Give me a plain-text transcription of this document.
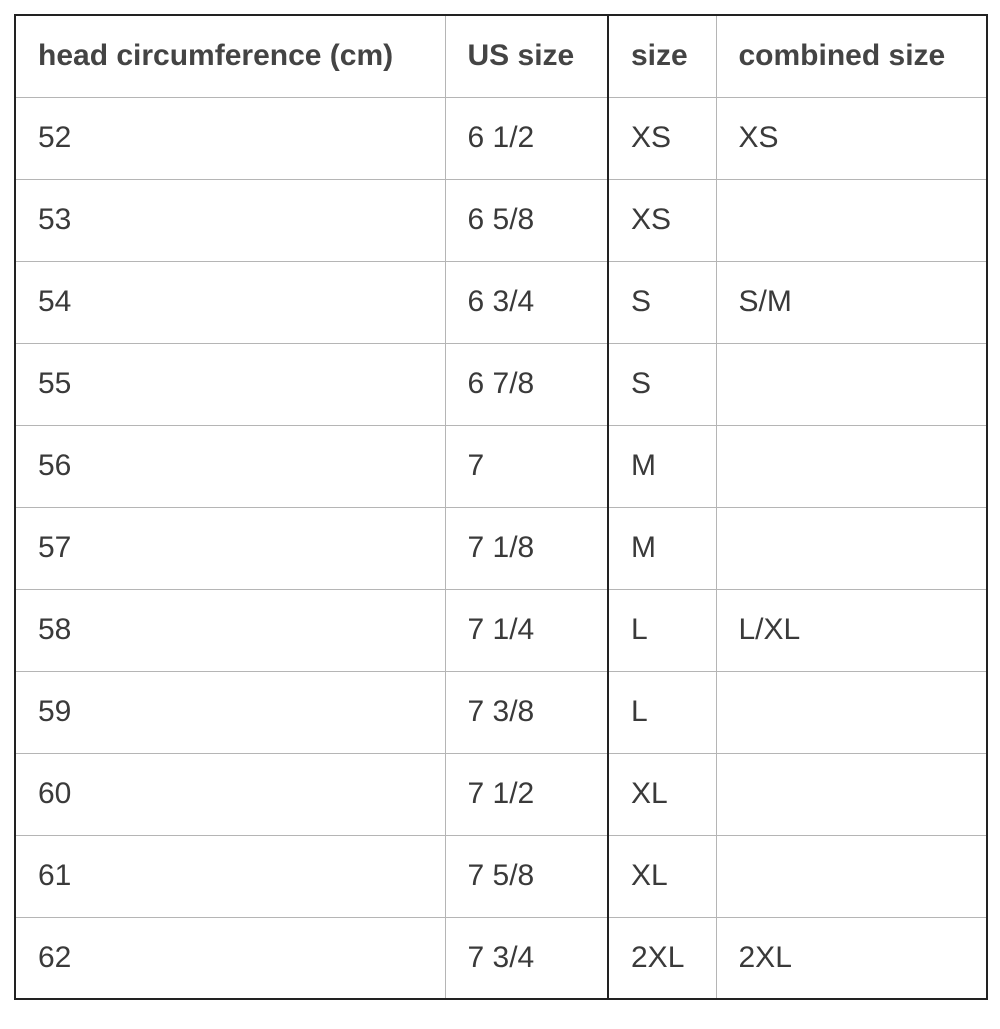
head circumference (cm)	US size	size	combined size
52	6 1/2	XS	XS
53	6 5/8	XS	
54	6 3/4	S	S/M
55	6 7/8	S	
56	7	M	
57	7 1/8	M	
58	7 1/4	L	L/XL
59	7 3/8	L	
60	7 1/2	XL	
61	7 5/8	XL	
62	7 3/4	2XL	2XL
